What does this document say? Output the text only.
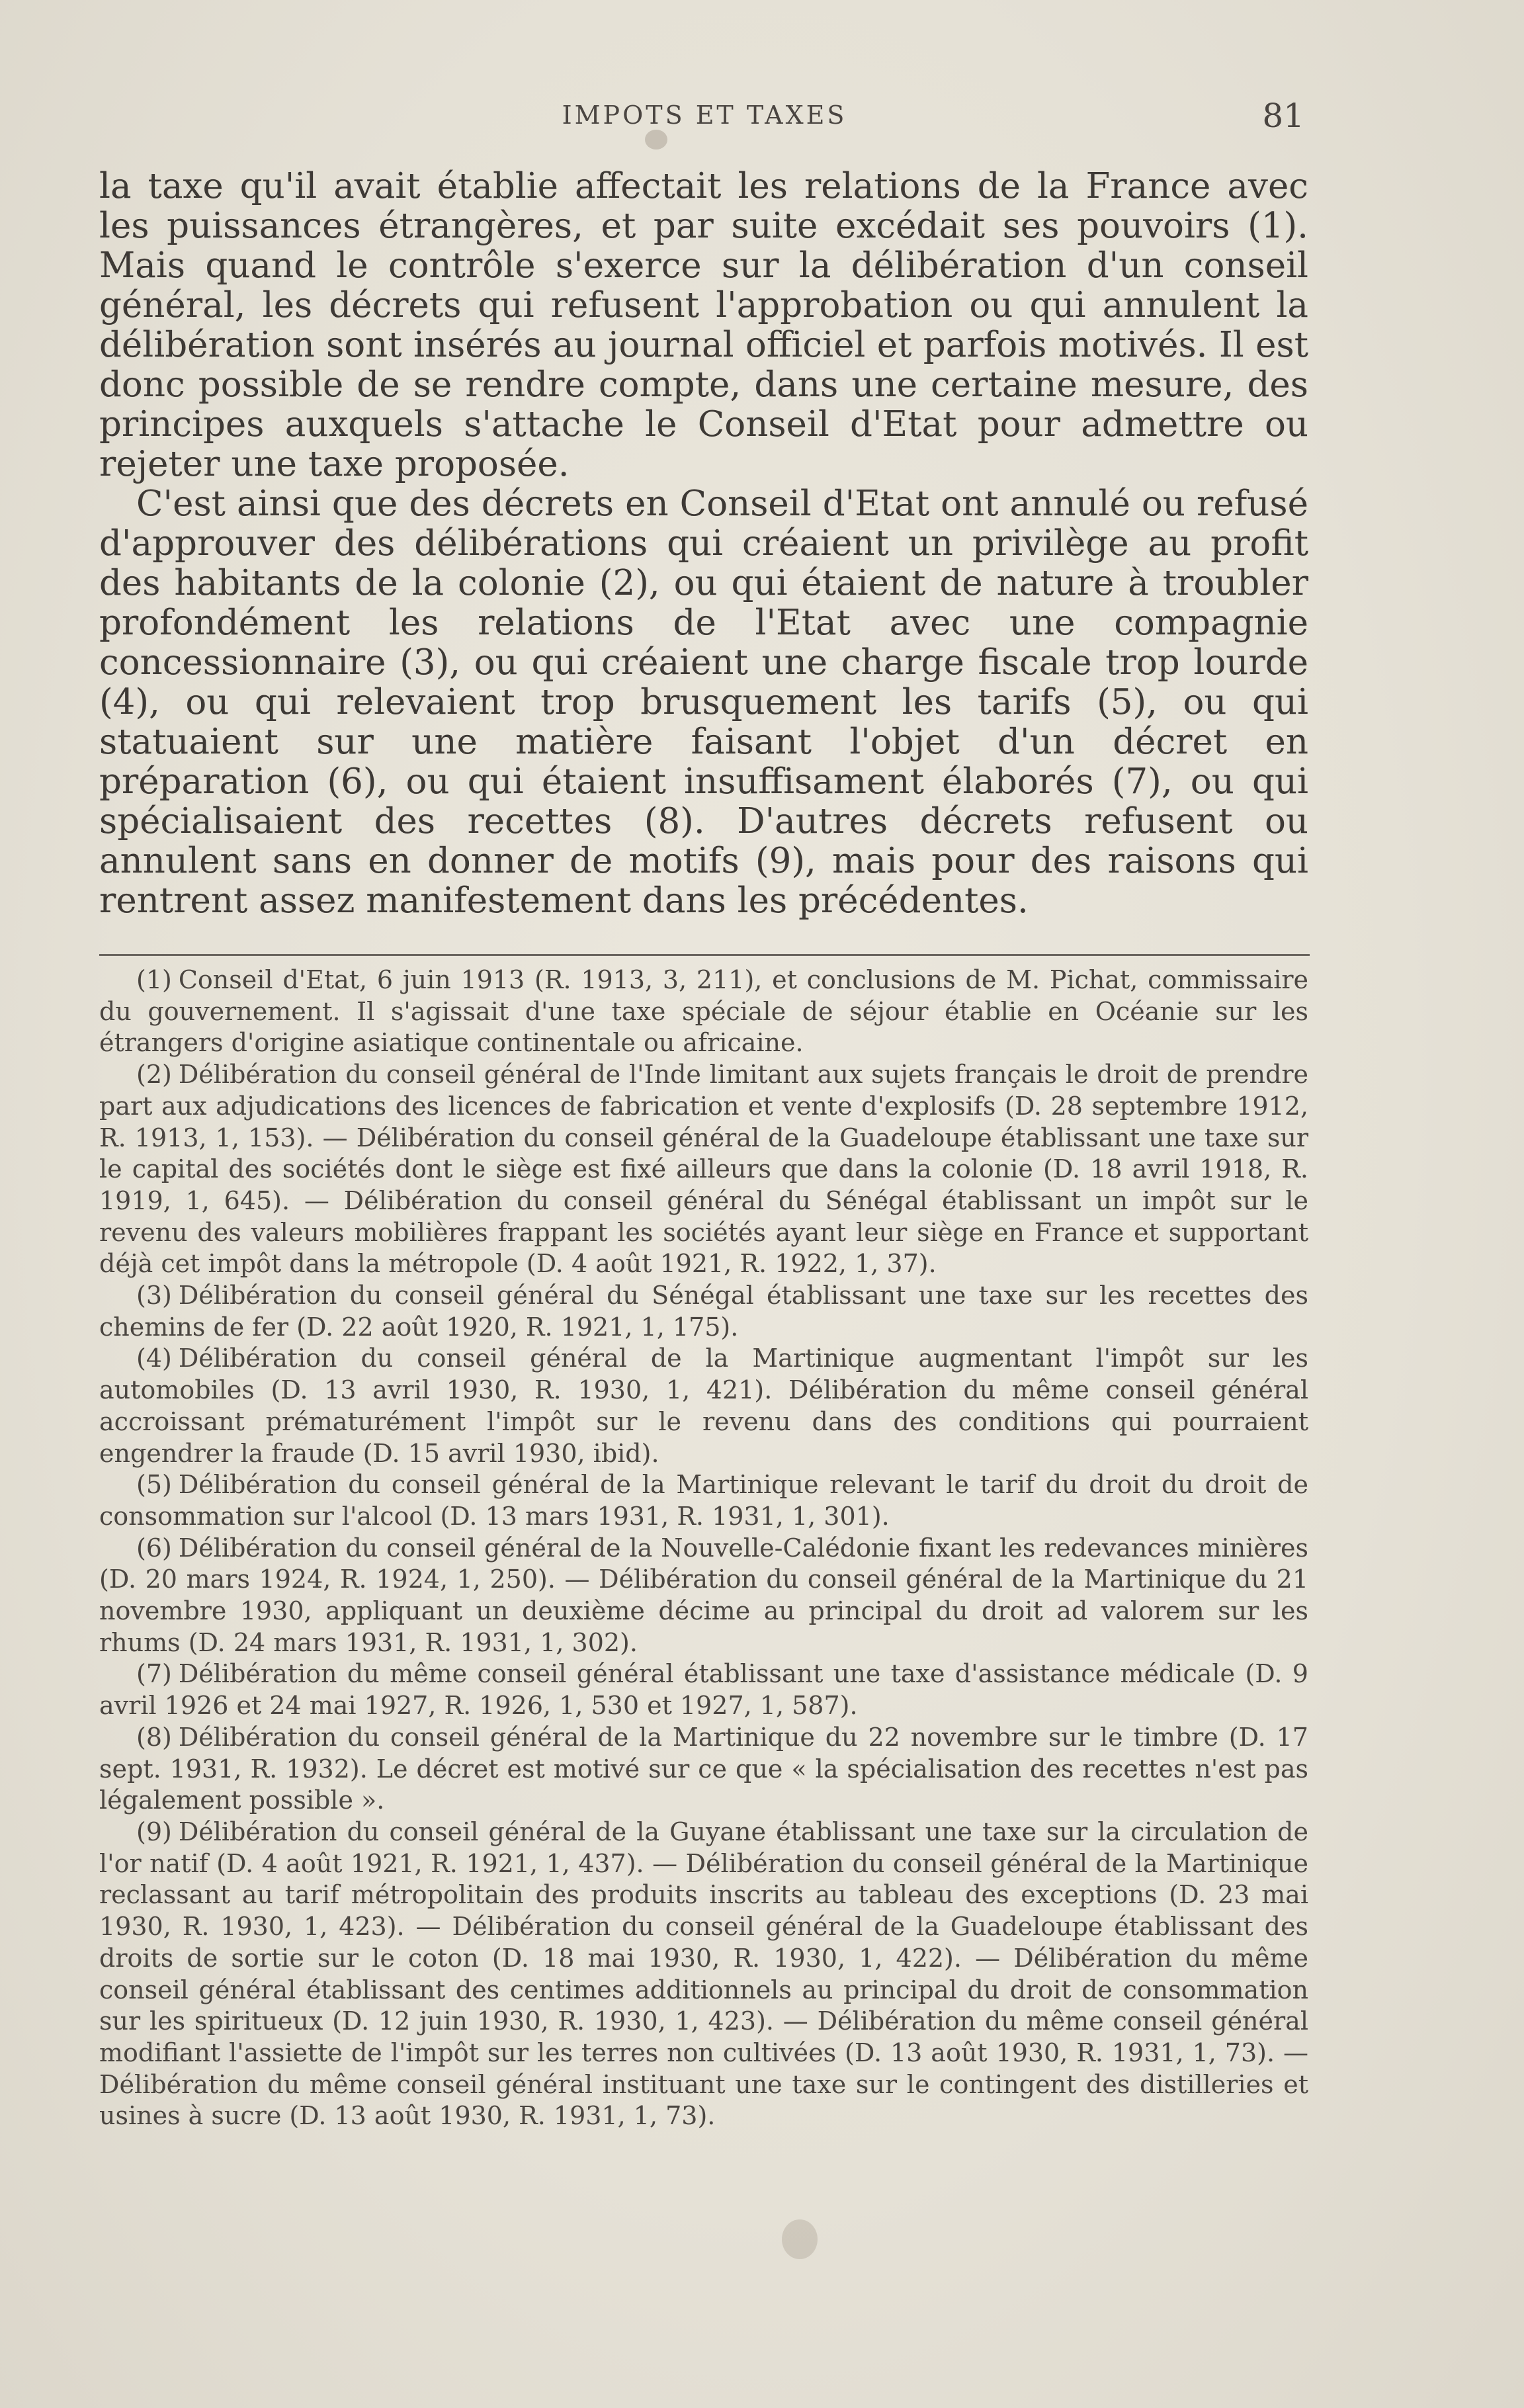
IMPOTS ET TAXES	81

la taxe qu'il avait établie affectait les relations de la France avec les puissances étrangères, et par suite excédait ses pouvoirs (1). Mais quand le contrôle s'exerce sur la délibération d'un conseil général, les décrets qui refusent l'approbation ou qui annulent la délibération sont insérés au journal officiel et parfois motivés. Il est donc possible de se rendre compte, dans une certaine mesure, des principes auxquels s'attache le Conseil d'Etat pour admettre ou rejeter une taxe proposée.

C'est ainsi que des décrets en Conseil d'Etat ont annulé ou refusé d'approuver des délibérations qui créaient un privilège au profit des habitants de la colonie (2), ou qui étaient de nature à troubler profondément les relations de l'Etat avec une compagnie concessionnaire (3), ou qui créaient une charge fiscale trop lourde (4), ou qui relevaient trop brusquement les tarifs (5), ou qui statuaient sur une matière faisant l'objet d'un décret en préparation (6), ou qui étaient insuffisament élaborés (7), ou qui spécialisaient des recettes (8). D'autres décrets refusent ou annulent sans en donner de motifs (9), mais pour des raisons qui rentrent assez manifestement dans les précédentes.

(1) Conseil d'Etat, 6 juin 1913 (R. 1913, 3, 211), et conclusions de M. Pichat, commissaire du gouvernement. Il s'agissait d'une taxe spéciale de séjour établie en Océanie sur les étrangers d'origine asiatique continentale ou africaine.

(2) Délibération du conseil général de l'Inde limitant aux sujets français le droit de prendre part aux adjudications des licences de fabrication et vente d'explosifs (D. 28 septembre 1912, R. 1913, 1, 153). — Délibération du conseil général de la Guadeloupe établissant une taxe sur le capital des sociétés dont le siège est fixé ailleurs que dans la colonie (D. 18 avril 1918, R. 1919, 1, 645). — Délibération du conseil général du Sénégal établissant un impôt sur le revenu des valeurs mobilières frappant les sociétés ayant leur siège en France et supportant déjà cet impôt dans la métropole (D. 4 août 1921, R. 1922, 1, 37).

(3) Délibération du conseil général du Sénégal établissant une taxe sur les recettes des chemins de fer (D. 22 août 1920, R. 1921, 1, 175).

(4) Délibération du conseil général de la Martinique augmentant l'impôt sur les automobiles (D. 13 avril 1930, R. 1930, 1, 421). Délibération du même conseil général accroissant prématurément l'impôt sur le revenu dans des conditions qui pourraient engendrer la fraude (D. 15 avril 1930, ibid).

(5) Délibération du conseil général de la Martinique relevant le tarif du droit du droit de consommation sur l'alcool (D. 13 mars 1931, R. 1931, 1, 301).

(6) Délibération du conseil général de la Nouvelle-Calédonie fixant les redevances minières (D. 20 mars 1924, R. 1924, 1, 250). — Délibération du conseil général de la Martinique du 21 novembre 1930, appliquant un deuxième décime au principal du droit ad valorem sur les rhums (D. 24 mars 1931, R. 1931, 1, 302).

(7) Délibération du même conseil général établissant une taxe d'assistance médicale (D. 9 avril 1926 et 24 mai 1927, R. 1926, 1, 530 et 1927, 1, 587).

(8) Délibération du conseil général de la Martinique du 22 novembre sur le timbre (D. 17 sept. 1931, R. 1932). Le décret est motivé sur ce que « la spécialisation des recettes n'est pas légalement possible ».

(9) Délibération du conseil général de la Guyane établissant une taxe sur la circulation de l'or natif (D. 4 août 1921, R. 1921, 1, 437). — Délibération du conseil général de la Martinique reclassant au tarif métropolitain des produits inscrits au tableau des exceptions (D. 23 mai 1930, R. 1930, 1, 423). — Délibération du conseil général de la Guadeloupe établissant des droits de sortie sur le coton (D. 18 mai 1930, R. 1930, 1, 422). — Délibération du même conseil général établissant des centimes additionnels au principal du droit de consommation sur les spiritueux (D. 12 juin 1930, R. 1930, 1, 423). — Délibération du même conseil général modifiant l'assiette de l'impôt sur les terres non cultivées (D. 13 août 1930, R. 1931, 1, 73). — Délibération du même conseil général instituant une taxe sur le contingent des distilleries et usines à sucre (D. 13 août 1930, R. 1931, 1, 73).
